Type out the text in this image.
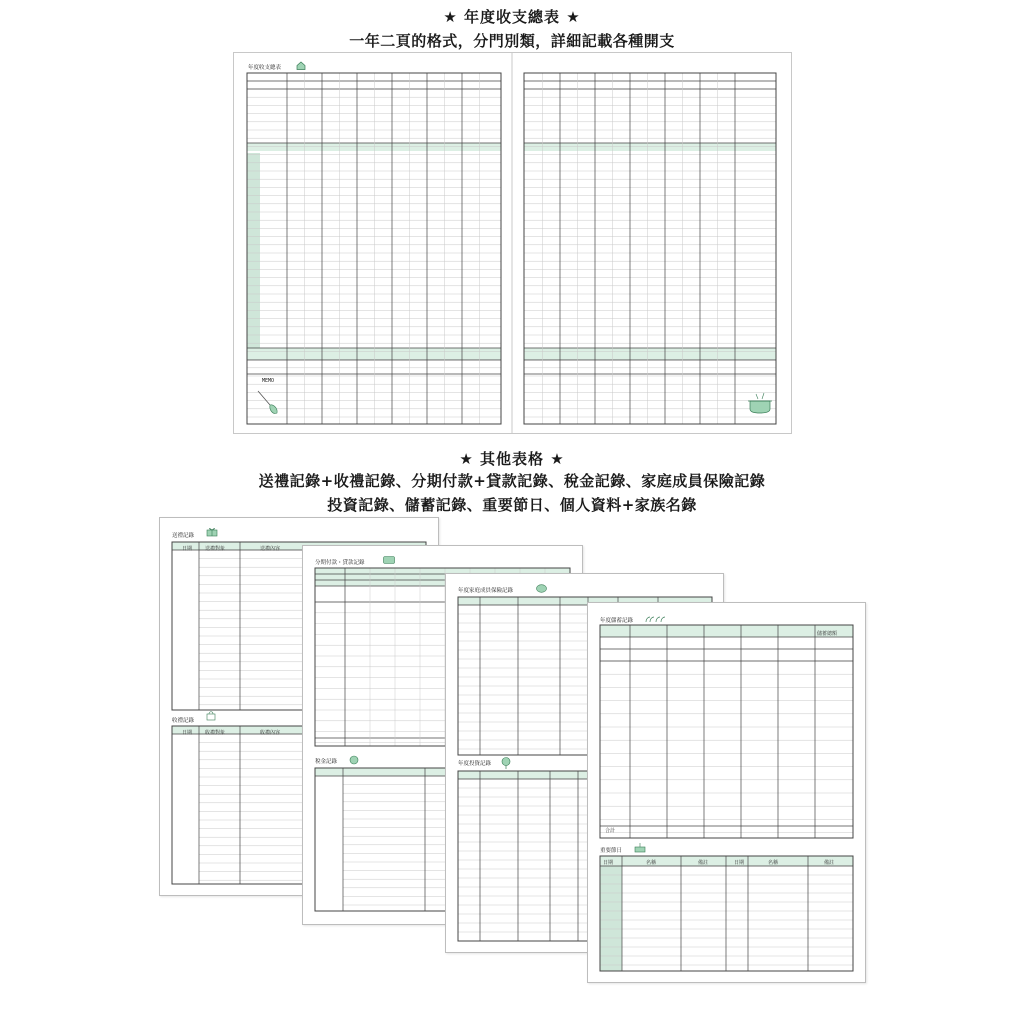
★ 年度收支總表 ★
一年二頁的格式，分門別類，詳細記載各種開支
年度收支總表
MEMO
★ 其他表格 ★
送禮記錄+收禮記錄、分期付款+貸款記錄、稅金記錄、家庭成員保險記錄
投資記錄、儲蓄記錄、重要節日、個人資料+家族名錄
送禮記錄
日期	送禮對象	送禮內容
收禮記錄
日期	收禮對象	收禮內容
分期付款・貸款記錄
稅金記錄
年度家庭成員保險記錄
年度投資記錄
年度儲蓄記錄
儲蓄總額
合計
重要節日
日期	名稱	備註	日期	名稱	備註
